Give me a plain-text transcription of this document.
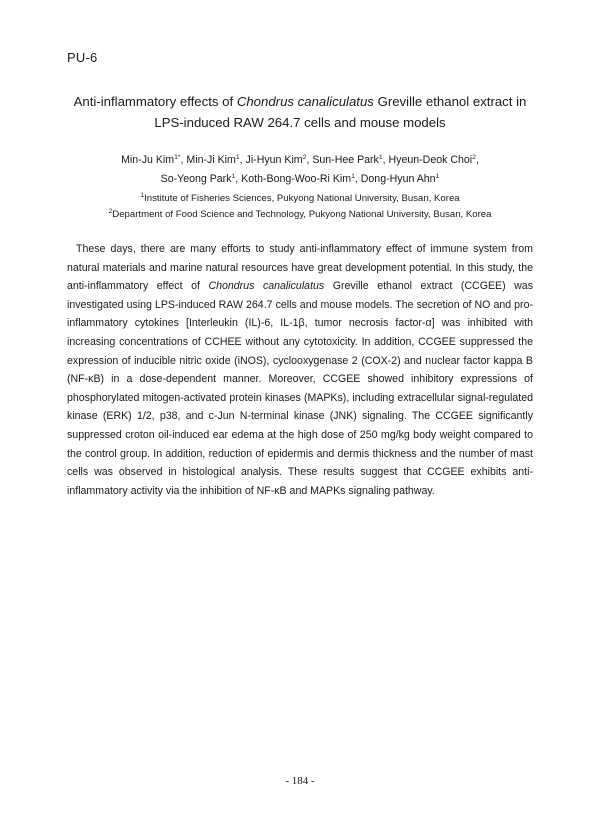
PU-6
Anti-inflammatory effects of Chondrus canaliculatus Greville ethanol extract in LPS-induced RAW 264.7 cells and mouse models
Min-Ju Kim$^{1*}$, Min-Ji Kim$^1$, Ji-Hyun Kim$^2$, Sun-Hee Park$^1$, Hyeun-Deok Choi$^2$,
So-Yeong Park$^1$, Koth-Bong-Woo-Ri Kim$^1$, Dong-Hyun Ahn$^1$
$^1$Institute of Fisheries Sciences, Pukyong National University, Busan, Korea
$^2$Department of Food Science and Technology, Pukyong National University, Busan, Korea
These days, there are many efforts to study anti-inflammatory effect of immune system from
natural materials and marine natural resources have great development potential. In this study, the
anti-inflammatory effect of Chondrus canaliculatus Greville ethanol extract (CCGEE) was
investigated using LPS-induced RAW 264.7 cells and mouse models. The secretion of NO and pro-
inflammatory cytokines [Interleukin (IL)-6, IL-1β, tumor necrosis factor-α] was inhibited with
increasing concentrations of CCHEE without any cytotoxicity. In addition, CCGEE suppressed the
expression of inducible nitric oxide (iNOS), cyclooxygenase 2 (COX-2) and nuclear factor kappa B
(NF-κB) in a dose-dependent manner. Moreover, CCGEE showed inhibitory expressions of
phosphorylated mitogen-activated protein kinases (MAPKs), including extracellular signal-regulated
kinase (ERK) 1/2, p38, and c-Jun N-terminal kinase (JNK) signaling. The CCGEE significantly
suppressed croton oil-induced ear edema at the high dose of 250 mg/kg body weight compared to
the control group. In addition, reduction of epidermis and dermis thickness and the number of mast
cells was observed in histological analysis. These results suggest that CCGEE exhibits anti-
inflammatory activity via the inhibition of NF-κB and MAPKs signaling pathway.
- 184 -
